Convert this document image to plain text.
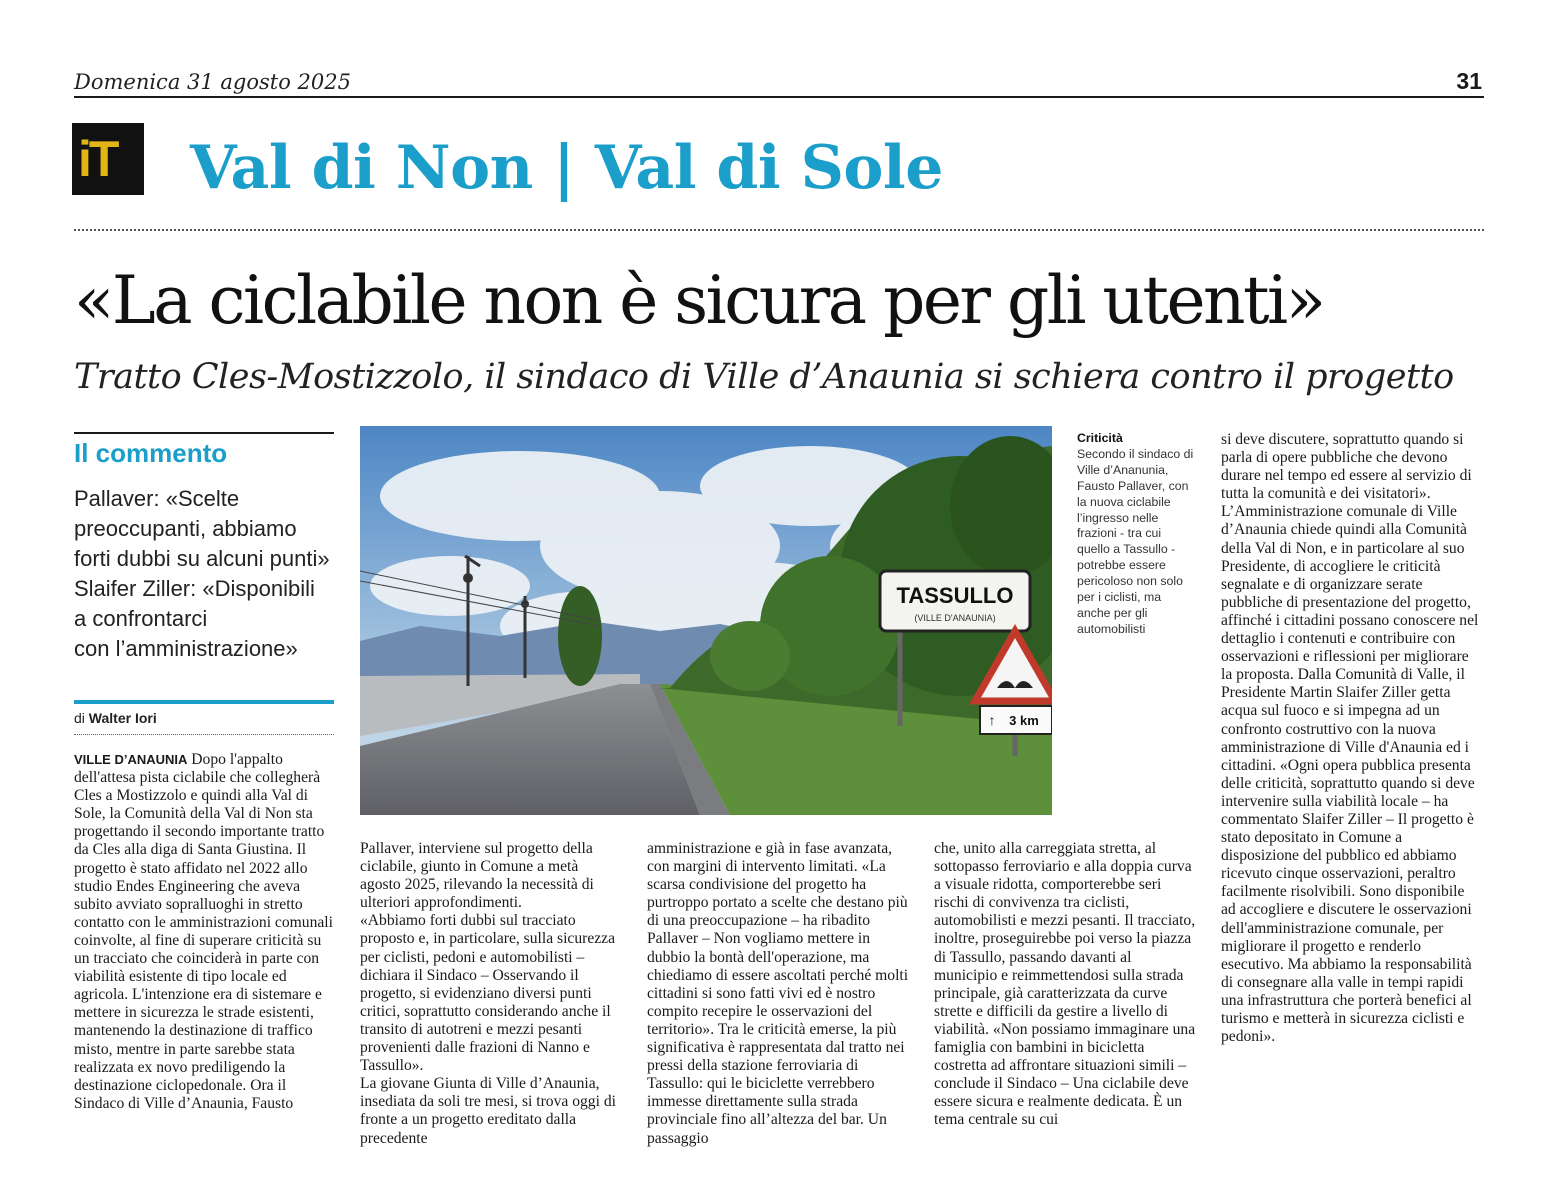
Domenica 31 agosto 2025	31
iT Val di Non | Val di Sole
«La ciclabile non è sicura per gli utenti»
Tratto Cles-Mostizzolo, il sindaco di Ville d’Anaunia si schiera contro il progetto
Il commento

Pallaver: «Scelte

preoccupanti, abbiamo

forti dubbi su alcuni punti»

Slaifer Ziller: «Disponibili

a confrontarci

con l’amministrazione»

di Walter Iori

VILLE D’ANAUNIA Dopo l'appalto dell'attesa pista ciclabile che collegherà Cles a Mostizzolo e quindi alla Val di Sole, la Comunità della Val di Non sta progettando il secondo importante tratto da Cles alla diga di Santa Giustina. Il progetto è stato affidato nel 2022 allo studio Endes Engineering che aveva subito avviato sopralluoghi in stretto contatto con le amministrazioni comunali coinvolte, al fine di superare criticità su un tracciato che coinciderà in parte con viabilità esistente di tipo locale ed agricola. L'intenzione era di sistemare e mettere in sicurezza le strade esistenti, mantenendo la destinazione di traffico misto, mentre in parte sarebbe stata realizzata ex novo prediligendo la destinazione ciclopedonale. Ora il Sindaco di Ville d’Anaunia, Fausto

Pallaver, interviene sul progetto della ciclabile, giunto in Comune a metà agosto 2025, rilevando la necessità di ulteriori approfondimenti.

«Abbiamo forti dubbi sul tracciato proposto e, in particolare, sulla sicurezza per ciclisti, pedoni e automobilisti – dichiara il Sindaco – Osservando il progetto, si evidenziano diversi punti critici, soprattutto considerando anche il transito di autotreni e mezzi pesanti provenienti dalle frazioni di Nanno e Tassullo».

La giovane Giunta di Ville d’Anaunia, insediata da soli tre mesi, si trova oggi di fronte a un progetto ereditato dalla precedente

amministrazione e già in fase avanzata, con margini di intervento limitati. «La scarsa condivisione del progetto ha purtroppo portato a scelte che destano più di una preoccupazione – ha ribadito Pallaver – Non vogliamo mettere in dubbio la bontà dell'operazione, ma chiediamo di essere ascoltati perché molti cittadini si sono fatti vivi ed è nostro compito recepire le osservazioni del territorio». Tra le criticità emerse, la più significativa è rappresentata dal tratto nei pressi della stazione ferroviaria di Tassullo: qui le biciclette verrebbero immesse direttamente sulla strada provinciale fino all’altezza del bar. Un passaggio

che, unito alla carreggiata stretta, al sottopasso ferroviario e alla doppia curva a visuale ridotta, comporterebbe seri rischi di convivenza tra ciclisti, automobilisti e mezzi pesanti. Il tracciato, inoltre, proseguirebbe poi verso la piazza di Tassullo, passando davanti al municipio e reimmettendosi sulla strada principale, già caratterizzata da curve strette e difficili da gestire a livello di viabilità. «Non possiamo immaginare una famiglia con bambini in bicicletta costretta ad affrontare situazioni simili – conclude il Sindaco – Una ciclabile deve essere sicura e realmente dedicata. È un tema centrale su cui

si deve discutere, soprattutto quando si parla di opere pubbliche che devono durare nel tempo ed essere al servizio di tutta la comunità e dei visitatori».

L’Amministrazione comunale di Ville d’Anaunia chiede quindi alla Comunità della Val di Non, e in particolare al suo Presidente, di accogliere le criticità segnalate e di organizzare serate pubbliche di presentazione del progetto, affinché i cittadini possano conoscere nel dettaglio i contenuti e contribuire con osservazioni e riflessioni per migliorare la proposta. Dalla Comunità di Valle, il Presidente Martin Slaifer Ziller getta acqua sul fuoco e si impegna ad un confronto costruttivo con la nuova amministrazione di Ville d'Anaunia ed i cittadini. «Ogni opera pubblica presenta delle criticità, soprattutto quando si deve intervenire sulla viabilità locale – ha commentato Slaifer Ziller – Il progetto è stato depositato in Comune a disposizione del pubblico ed abbiamo ricevuto cinque osservazioni, peraltro facilmente risolvibili. Sono disponibile ad accogliere e discutere le osservazioni dell'amministrazione comunale, per migliorare il progetto e renderlo esecutivo. Ma abbiamo la responsabilità di consegnare alla valle in tempi rapidi una infrastruttura che porterà benefici al turismo e metterà in sicurezza ciclisti e pedoni».

TASSULLO
(VILLE D'ANAUNIA)
↑ 3 km
Criticità
Secondo il sindaco di Ville d’Ananunia, Fausto Pallaver, con la nuova ciclabile l’ingresso nelle frazioni - tra cui quello a Tassullo - potrebbe essere pericoloso non solo per i ciclisti, ma anche per gli automobilisti
